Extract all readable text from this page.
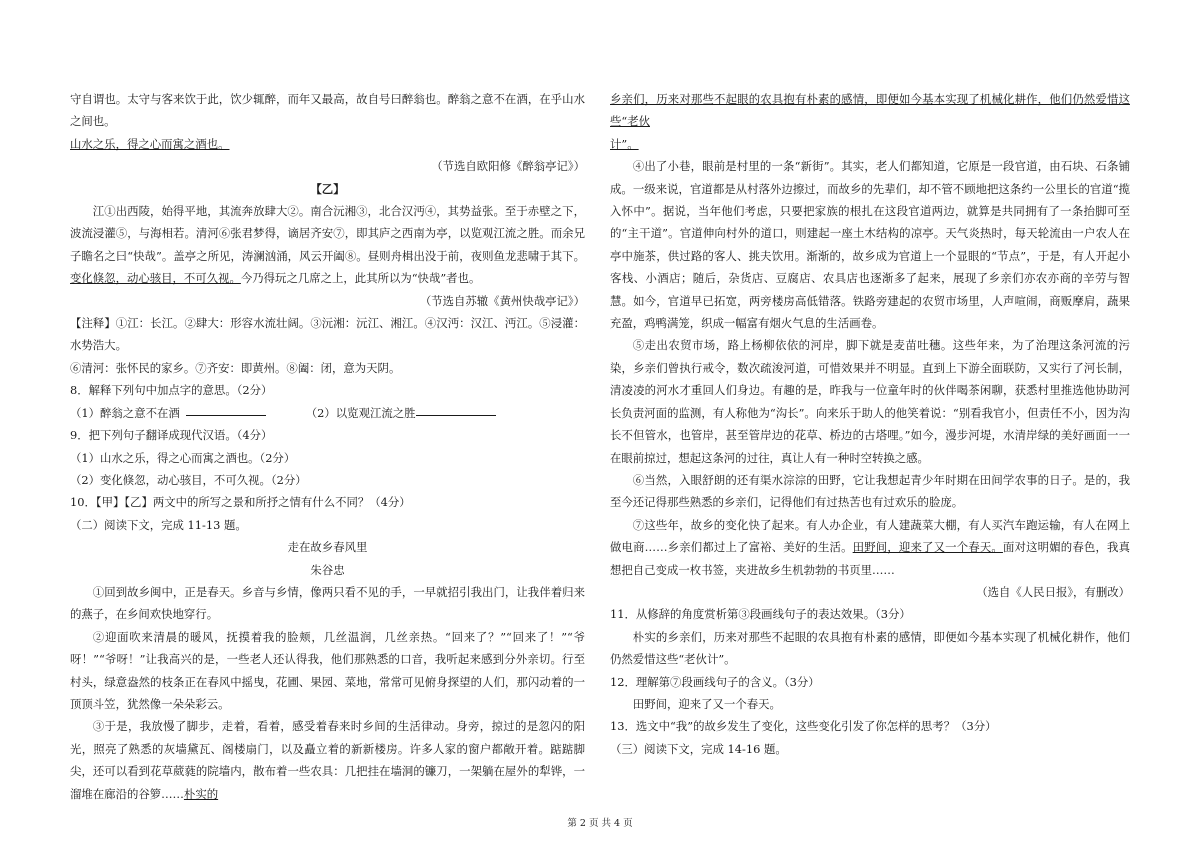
守自谓也。太守与客来饮于此，饮少辄醉，而年又最高，故自号曰醉翁也。醉翁之意不在酒，在乎山水之间也。

山水之乐，得之心而寓之酒也。

（节选自欧阳修《醉翁亭记》）

【乙】

江①出西陵，始得平地，其流奔放肆大②。南合沅湘③，北合汉沔④，其势益张。至于赤壁之下，波流浸灌⑤，与海相若。清河⑥张君梦得，谪居齐安⑦，即其庐之西南为亭，以览观江流之胜。而余兄子瞻名之曰“快哉”。盖亭之所见，涛澜汹涌，风云开阖⑧。昼则舟楫出没于前，夜则鱼龙悲啸于其下。变化倏忽，动心骇目，不可久视。今乃得玩之几席之上，此其所以为“快哉”者也。

（节选自苏辙《黄州快哉亭记》）

【注释】①江：长江。②肆大：形容水流壮阔。③沅湘：沅江、湘江。④汉沔：汉江、沔江。⑤浸灌：水势浩大。

⑥清河：张怀民的家乡。⑦齐安：即黄州。⑧阖：闭，意为天阴。

8．解释下列句中加点字的意思。（2分）

（1）醉翁之意不在酒	（2）以览观江流之胜

9．把下列句子翻译成现代汉语。（4分）

（1）山水之乐，得之心而寓之酒也。（2分）

（2）变化倏忽，动心骇目，不可久视。（2分）

10．【甲】【乙】两文中的所写之景和所抒之情有什么不同？（4分）

（二）阅读下文，完成 11-13 题。

走在故乡春风里

朱谷忠

①回到故乡闽中，正是春天。乡音与乡情，像两只看不见的手，一早就招引我出门，让我伴着归来的燕子，在乡间欢快地穿行。

②迎面吹来清晨的暖风，抚摸着我的脸颊，几丝温润，几丝亲热。“回来了？”“回来了！”“爷呀！”“爷呀！”让我高兴的是，一些老人还认得我，他们那熟悉的口音，我听起来感到分外亲切。行至村头，绿意盎然的枝条正在春风中摇曳，花圃、果园、菜地，常常可见俯身探望的人们，那闪动着的一顶顶斗笠，犹然像一朵朵彩云。

③于是，我放慢了脚步，走着，看着，感受着春来时乡间的生活律动。身旁，掠过的是忽闪的阳光，照亮了熟悉的灰墙黛瓦、阁楼扇门，以及矗立着的新新楼房。许多人家的窗户都敞开着。踮踮脚尖，还可以看到花草葳蕤的院墙内，散布着一些农具：几把挂在墙洞的镰刀，一架躺在屋外的犁铧，一溜堆在廊沿的谷箩……朴实的

乡亲们，历来对那些不起眼的农具抱有朴素的感情，即便如今基本实现了机械化耕作，他们仍然爱惜这些“老伙

计”。

④出了小巷，眼前是村里的一条“新街”。其实，老人们都知道，它原是一段官道，由石块、石条铺成。一级来说，官道都是从村落外边擦过，而故乡的先辈们，却不管不顾地把这条约一公里长的官道“揽入怀中”。据说，当年他们考虑，只要把家族的根扎在这段官道两边，就算是共同拥有了一条抬脚可至的“主干道”。官道伸向村外的道口，则建起一座土木结构的凉亭。天气炎热时，每天轮流由一户农人在亭中施茶，供过路的客人、挑夫饮用。渐渐的，故乡成为官道上一个显眼的“节点”，于是，有人开起小客栈、小酒店；随后，杂货店、豆腐店、农具店也逐渐多了起来，展现了乡亲们亦农亦商的辛劳与智慧。如今，官道早已拓宽，两旁楼房高低错落。铁路旁建起的农贸市场里，人声喧闹，商贩摩肩，蔬果充盈，鸡鸭满笼，织成一幅富有烟火气息的生活画卷。

⑤走出农贸市场，路上杨柳依依的河岸，脚下就是麦苗吐穗。这些年来，为了治理这条河流的污染，乡亲们曾执行戒令，数次疏浚河道，可惜效果并不明显。直到上下游全面联防，又实行了河长制，清凌凌的河水才重回人们身边。有趣的是，昨我与一位童年时的伙伴喝茶闲聊，获悉村里推选他协助河长负责河面的监测，有人称他为“沟长”。向来乐于助人的他笑着说：“别看我官小，但责任不小，因为沟长不但管水，也管岸，甚至管岸边的花草、桥边的古塔哩。”如今，漫步河堤，水清岸绿的美好画面一一在眼前掠过，想起这条河的过往，真让人有一种时空转换之感。

⑥当然，入眼舒朗的还有渠水淙淙的田野，它让我想起青少年时期在田间学农事的日子。是的，我至今还记得那些熟悉的乡亲们，记得他们有过热苦也有过欢乐的脸庞。

⑦这些年，故乡的变化快了起来。有人办企业，有人建蔬菜大棚，有人买汽车跑运输，有人在网上做电商……乡亲们都过上了富裕、美好的生活。田野间，迎来了又一个春天。面对这明媚的春色，我真想把自己变成一枚书签，夹进故乡生机勃勃的书页里……

（选自《人民日报》，有删改）

11．从修辞的角度赏析第③段画线句子的表达效果。（3分）

朴实的乡亲们，历来对那些不起眼的农具抱有朴素的感情，即便如今基本实现了机械化耕作，他们仍然爱惜这些“老伙计”。

12．理解第⑦段画线句子的含义。（3分）

田野间，迎来了又一个春天。

13．选文中“我”的故乡发生了变化，这些变化引发了你怎样的思考？（3分）

（三）阅读下文，完成 14-16 题。

第 2 页 共 4 页
